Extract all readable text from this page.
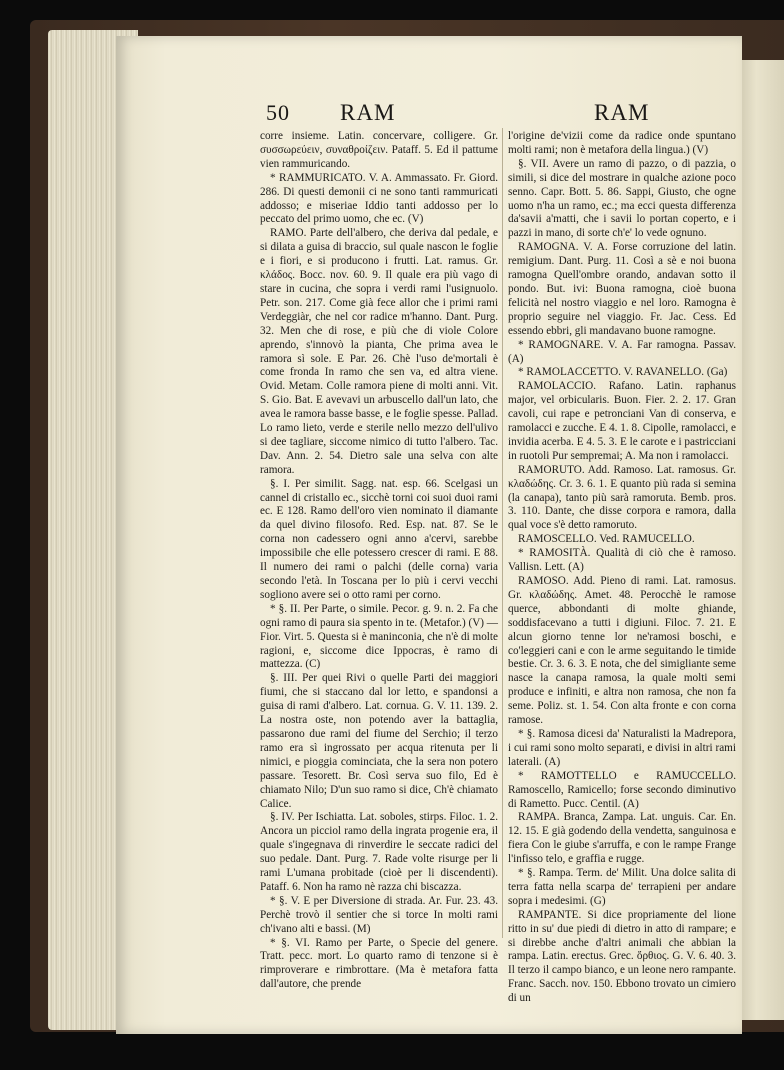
50 RAM	RAM

corre insieme. Latin. concervare, colligere. Gr. συσσωρεύειν, συναθροίζειν. Pataff. 5. Ed il pattume vien rammuricando.

* RAMMURICATO. V. A. Ammassato. Fr. Giord. 286. Di questi demonii ci ne sono tanti rammuricati addosso; e miseriae Iddio tanti addosso per lo peccato del primo uomo, che ec. (V)

RAMO. Parte dell'albero, che deriva dal pedale, e si dilata a guisa di braccio, sul quale nascon le foglie e i fiori, e si producono i frutti. Lat. ramus. Gr. κλάδος. Bocc. nov. 60. 9. Il quale era più vago di stare in cucina, che sopra i verdi rami l'usignuolo. Petr. son. 217. Come già fece allor che i primi rami Verdeggiàr, che nel cor radice m'hanno. Dant. Purg. 32. Men che di rose, e più che di viole Colore aprendo, s'innovò la pianta, Che prima avea le ramora sì sole. E Par. 26. Chè l'uso de'mortali è come fronda In ramo che sen va, ed altra viene. Ovid. Metam. Colle ramora piene di molti anni. Vit. S. Gio. Bat. E avevavi un arbuscello dall'un lato, che avea le ramora basse basse, e le foglie spesse. Pallad. Lo ramo lieto, verde e sterile nello mezzo dell'ulivo si dee tagliare, siccome nimico di tutto l'albero. Tac. Dav. Ann. 2. 54. Dietro sale una selva con alte ramora.

§. I. Per similit. Sagg. nat. esp. 66. Scelgasi un cannel di cristallo ec., sicchè torni coi suoi duoi rami ec. E 128. Ramo dell'oro vien nominato il diamante da quel divino filosofo. Red. Esp. nat. 87. Se le corna non cadessero ogni anno a'cervi, sarebbe impossibile che elle potessero crescer di rami. E 88. Il numero dei rami o palchi (delle corna) varia secondo l'età. In Toscana per lo più i cervi vecchi sogliono avere sei o otto rami per corno.

* §. II. Per Parte, o simile. Pecor. g. 9. n. 2. Fa che ogni ramo di paura sia spento in te. (Metafor.) (V) — Fior. Virt. 5. Questa si è maninconia, che n'è di molte ragioni, e, siccome dice Ippocras, è ramo di mattezza. (C)

§. III. Per quei Rivi o quelle Parti dei maggiori fiumi, che si staccano dal lor letto, e spandonsi a guisa di rami d'albero. Lat. cornua. G. V. 11. 139. 2. La nostra oste, non potendo aver la battaglia, passarono due rami del fiume del Serchio; il terzo ramo era sì ingrossato per acqua ritenuta per li nimici, e pioggia cominciata, che la sera non potero passare. Tesorett. Br. Così serva suo filo, Ed è chiamato Nilo; D'un suo ramo si dice, Ch'è chiamato Calice.

§. IV. Per Ischiatta. Lat. soboles, stirps. Filoc. 1. 2. Ancora un picciol ramo della ingrata progenie era, il quale s'ingegnava di rinverdire le seccate radici del suo pedale. Dant. Purg. 7. Rade volte risurge per li rami L'umana probitade (cioè per li discendenti). Pataff. 6. Non ha ramo nè razza chi biscazza.

* §. V. E per Diversione di strada. Ar. Fur. 23. 43. Perchè trovò il sentier che si torce In molti rami ch'ivano alti e bassi. (M)

* §. VI. Ramo per Parte, o Specie del genere. Tratt. pecc. mort. Lo quarto ramo di tenzone si è rimproverare e rimbrottare. (Ma è metafora fatta dall'autore, che prende

l'origine de'vizii come da radice onde spuntano molti rami; non è metafora della lingua.) (V)

§. VII. Avere un ramo di pazzo, o di pazzia, o simili, si dice del mostrare in qualche azione poco senno. Capr. Bott. 5. 86. Sappi, Giusto, che ogne uomo n'ha un ramo, ec.; ma ecci questa differenza da'savii a'matti, che i savii lo portan coperto, e i pazzi in mano, di sorte ch'e' lo vede ognuno.

RAMOGNA. V. A. Forse corruzione del latin. remigium. Dant. Purg. 11. Così a sè e noi buona ramogna Quell'ombre orando, andavan sotto il pondo. But. ivi: Buona ramogna, cioè buona felicità nel nostro viaggio e nel loro. Ramogna è proprio seguire nel viaggio. Fr. Jac. Cess. Ed essendo ebbri, gli mandavano buone ramogne.

* RAMOGNARE. V. A. Far ramogna. Passav. (A)

* RAMOLACCETTO. V. RAVANELLO. (Ga)

RAMOLACCIO. Rafano. Latin. raphanus major, vel orbicularis. Buon. Fier. 2. 2. 17. Gran cavoli, cui rape e petronciani Van di conserva, e ramolacci e zucche. E 4. 1. 8. Cipolle, ramolacci, e invidia acerba. E 4. 5. 3. E le carote e i pastricciani in ruotoli Pur sempremai; A. Ma non i ramolacci.

RAMORUTO. Add. Ramoso. Lat. ramosus. Gr. κλαδώδης. Cr. 3. 6. 1. E quanto più rada si semina (la canapa), tanto più sarà ramoruta. Bemb. pros. 3. 110. Dante, che disse corpora e ramora, dalla qual voce s'è detto ramoruto.

RAMOSCELLO. Ved. RAMUCELLO.

* RAMOSITÀ. Qualità di ciò che è ramoso. Vallisn. Lett. (A)

RAMOSO. Add. Pieno di rami. Lat. ramosus. Gr. κλαδώδης. Amet. 48. Perocchè le ramose querce, abbondanti di molte ghiande, soddisfacevano a tutti i digiuni. Filoc. 7. 21. E alcun giorno tenne lor ne'ramosi boschi, e co'leggieri cani e con le arme seguitando le timide bestie. Cr. 3. 6. 3. E nota, che del simigliante seme nasce la canapa ramosa, la quale molti semi produce e infiniti, e altra non ramosa, che non fa seme. Poliz. st. 1. 54. Con alta fronte e con corna ramose.

* §. Ramosa dicesi da' Naturalisti la Madrepora, i cui rami sono molto separati, e divisi in altri rami laterali. (A)

* RAMOTTELLO e RAMUCCELLO. Ramoscello, Ramicello; forse secondo diminutivo di Rametto. Pucc. Centil. (A)

RAMPA. Branca, Zampa. Lat. unguis. Car. En. 12. 15. E già godendo della vendetta, sanguinosa e fiera Con le giube s'arruffa, e con le rampe Frange l'infisso telo, e graffia e rugge.

* §. Rampa. Term. de' Milit. Una dolce salita di terra fatta nella scarpa de' terrapieni per andare sopra i medesimi. (G)

RAMPANTE. Si dice propriamente del lione ritto in su' due piedi di dietro in atto di rampare; e si direbbe anche d'altri animali che abbian la rampa. Latin. erectus. Grec. ὄρθιος. G. V. 6. 40. 3. Il terzo il campo bianco, e un leone nero rampante. Franc. Sacch. nov. 150. Ebbono trovato un cimiero di un
